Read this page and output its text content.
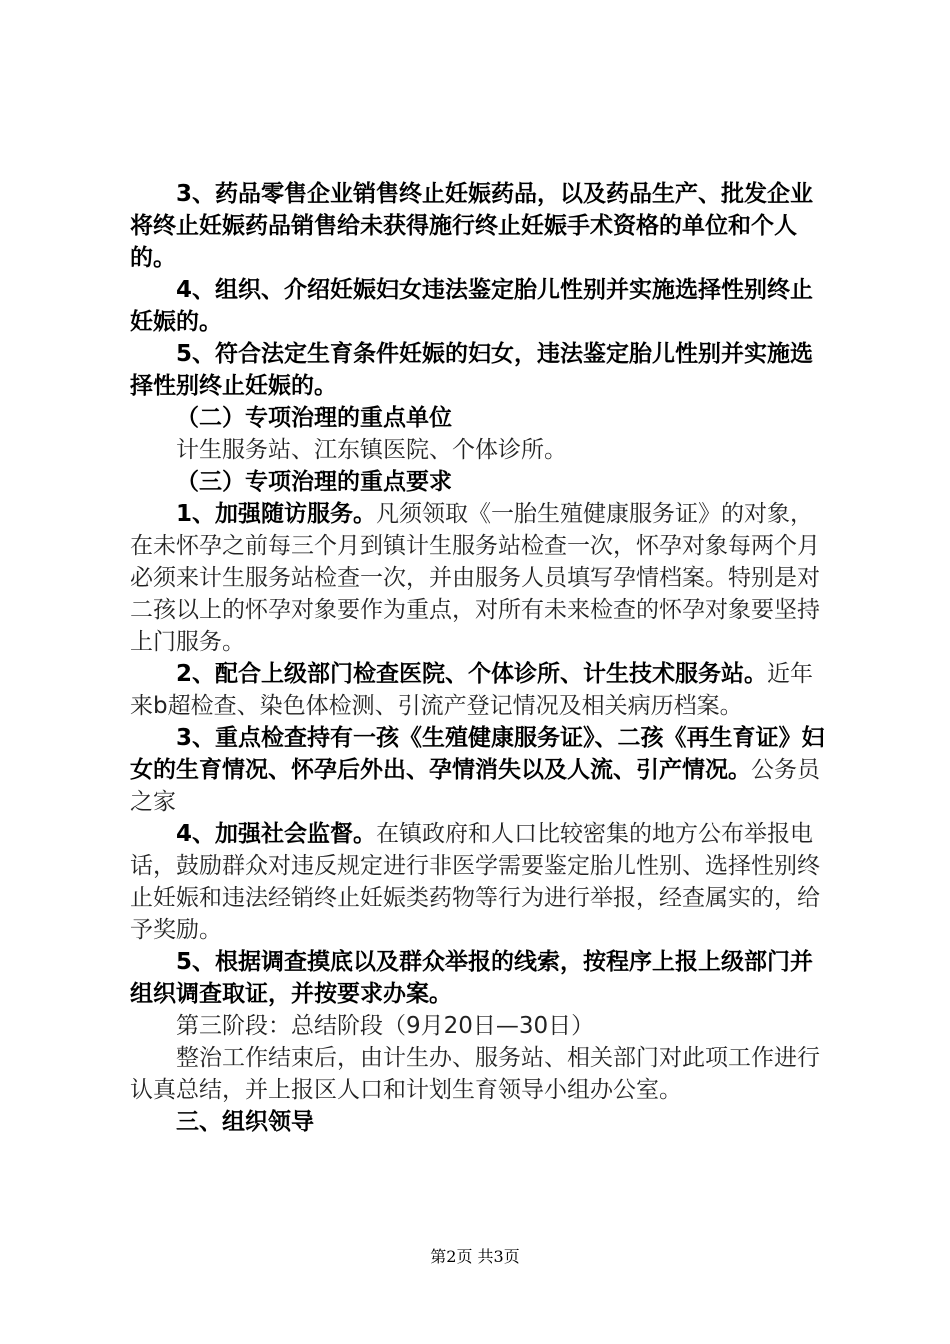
3、药品零售企业销售终止妊娠药品，以及药品生产、批发企业将终止妊娠药品销售给未获得施行终止妊娠手术资格的单位和个人的。

4、组织、介绍妊娠妇女违法鉴定胎儿性别并实施选择性别终止妊娠的。

5、符合法定生育条件妊娠的妇女，违法鉴定胎儿性别并实施选择性别终止妊娠的。

（二）专项治理的重点单位

计生服务站、江东镇医院、个体诊所。

（三）专项治理的重点要求

1、加强随访服务。凡须领取《一胎生殖健康服务证》的对象，在未怀孕之前每三个月到镇计生服务站检查一次，怀孕对象每两个月必须来计生服务站检查一次，并由服务人员填写孕情档案。特别是对二孩以上的怀孕对象要作为重点，对所有未来检查的怀孕对象要坚持上门服务。

2、配合上级部门检查医院、个体诊所、计生技术服务站。近年来b超检查、染色体检测、引流产登记情况及相关病历档案。

3、重点检查持有一孩《生殖健康服务证》、二孩《再生育证》妇女的生育情况、怀孕后外出、孕情消失以及人流、引产情况。公务员之家

4、加强社会监督。在镇政府和人口比较密集的地方公布举报电话，鼓励群众对违反规定进行非医学需要鉴定胎儿性别、选择性别终止妊娠和违法经销终止妊娠类药物等行为进行举报，经查属实的，给予奖励。

5、根据调查摸底以及群众举报的线索，按程序上报上级部门并组织调查取证，并按要求办案。

第三阶段：总结阶段（9月20日—30日）

整治工作结束后，由计生办、服务站、相关部门对此项工作进行认真总结，并上报区人口和计划生育领导小组办公室。

三、组织领导

第2页 共3页
